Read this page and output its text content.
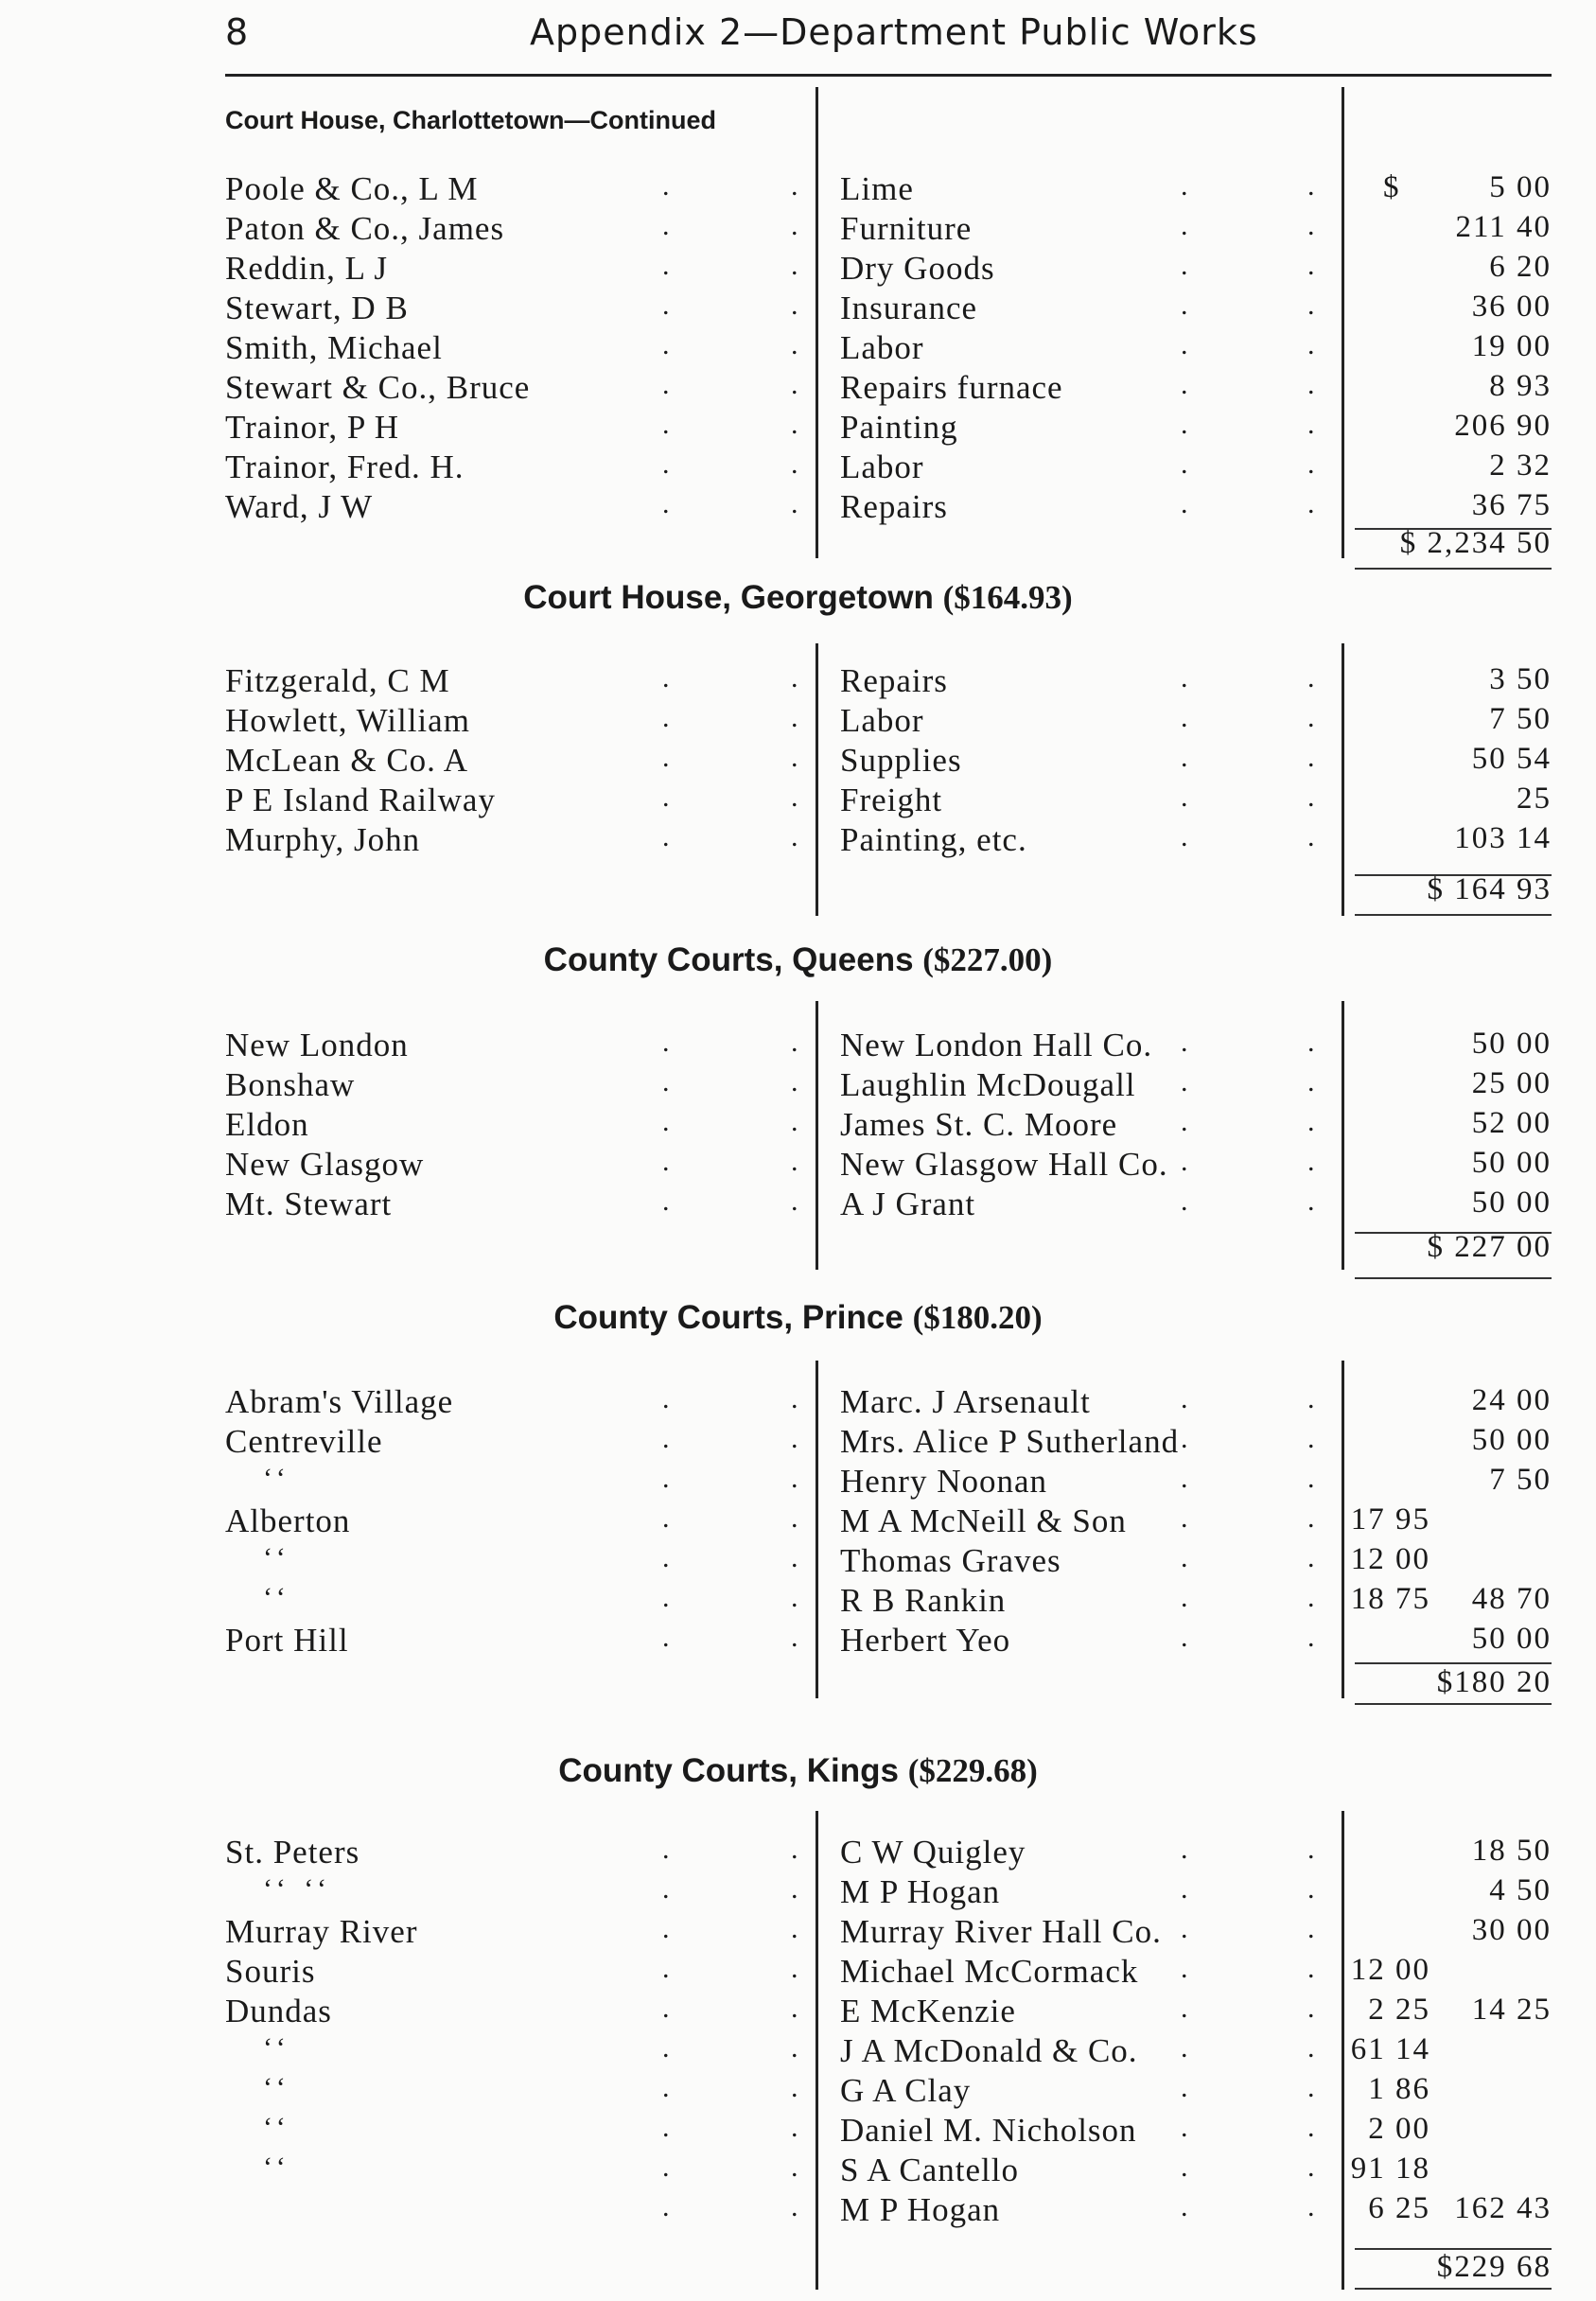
8	Appendix 2—Department Public Works
Court House, Charlottetown—Continued
Poole & Co., L M	.	. Lime	.	. $	5 00
Paton & Co., James	.	. Furniture	.	.	211 40
Reddin, L J	.	. Dry Goods	.	.	6 20
Stewart, D B	.	. Insurance	.	.	36 00
Smith, Michael	.	. Labor	.	.	19 00
Stewart & Co., Bruce	.	. Repairs furnace	.	.	8 93
Trainor, P H	.	. Painting	.	.	206 90
Trainor, Fred. H.	.	. Labor	.	.	2 32
Ward, J W	.	. Repairs	.	.	36 75
$ 2,234 50
Court House, Georgetown ($164.93)
Fitzgerald, C M	.	. Repairs	.	.	3 50
Howlett, William	.	. Labor	.	.	7 50
McLean & Co. A	.	. Supplies	.	.	50 54
P E Island Railway	.	. Freight	.	.	25
Murphy, John	.	. Painting, etc.	.	.	103 14
$ 164 93
County Courts, Queens ($227.00)
New London	.	. New London Hall Co. .	.	50 00
Bonshaw	.	. Laughlin McDougall .	.	25 00
Eldon	.	. James St. C. Moore .	.	52 00
New Glasgow	.	. New Glasgow Hall Co. .	.	50 00
Mt. Stewart	.	. A J Grant	.	.	50 00
$ 227 00
County Courts, Prince ($180.20)
Abram's Village	.	. Marc. J Arsenault	.	.	24 00
Centreville	.	. Mrs. Alice P Sutherland .	.	50 00
‘‘	.	. Henry Noonan	.	.	7 50
Alberton	.	. M A McNeill & Son .	.	17 95
‘‘	.	. Thomas Graves	.	.	12 00
‘‘	.	. R B Rankin	.	.	18 75	48 70
Port Hill	.	. Herbert Yeo	.	.	50 00
$180 20
County Courts, Kings ($229.68)
St. Peters	.	. C W Quigley	.	.	18 50
‘‘ ‘‘	.	. M P Hogan	.	.	4 50
Murray River	.	. Murray River Hall Co. .	.	30 00
Souris	.	. Michael McCormack .	.	12 00
Dundas	.	. E McKenzie	.	.	2 25	14 25
‘‘	.	. J A McDonald & Co. .	.	61 14
‘‘	.	. G A Clay	.	.	1 86
‘‘	.	. Daniel M. Nicholson .	.	2 00
‘‘	.	. S A Cantello	.	.	91 18
.	. M P Hogan	.	.	6 25 162 43
$229 68
